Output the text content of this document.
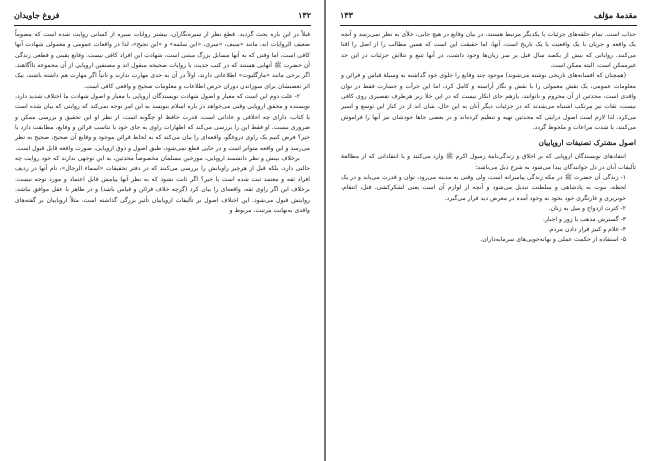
۱۳۲
فروغ جاویدان

قبلاً در این باره بحث گردید. قطع نظر از سیره‌نگاران، بیشتر روایات سیره از کسانی روایت شده است که مصوماً ضعیف الروایات اند، مانند «سیف، «سری، «ابن سلمه» و «ابن نجیح»، لذا در واقعات عمومی و معمولی شهادت آنها کافی است، اما وقتی که به آنها مسایل بزرگ مبتنی است، شهادت این افراد کافی نیست. وقایع یقینی و قطعی زندگی آن حضرت ﷺ آنهایی هستند که در کتب حدیث با روایات صحیحه منقول اند و مصنفین اروپایی از آن مجموعه ناآگاهند. اگر برخی مانند «مارگلیوث» اطلاعاتی دارند، اولاً در آن به حدی مهارت ندارند و ثانیاً اگر مهارت هم داشته باشند، بیک اثر تعصبشان برای سوزاندن دوران حرص اطلاعات و معلومات صحیح و واقعی کافی است.

۲- علت دوم این است که معیار و اصول شهادت نویسندگان اروپایی با معیار و اصول شهادت ما اختلاف شدید دارد، نویسنده و محقق اروپایی وقتی می‌خواهد در باره اسلام بنویسد به این امر توجه نمی‌کند که روایتی که بیان شده است یا کتاب، دارای چه اخلاقی و عاداتی است، قدرت حافظ او چگونه است، از نظر او این تحقیق و بررسی ممکن و ضروری نیست. او فقط این را بررسی می‌کند که اظهارات راوی به جای خود با تناسب قرائن و وقایع، مطابقت دارد یا خیر؟ فرض کنیم یک راوی دروغگو، واقعه‌ای را بیان می‌کند که به لحاظ قرائن موجود و وقایع آن صحیح، صحیح به نظر می‌رسد و این واقعه متواتر است و در جایی قطع نمی‌شود، طبق اصول و ذوق اروپایی، صورت واقعه قابل قبول است.

برخلاف بینش و نظر دانشمند اروپایی، موزخین مسلمان مخصوصاً محدثین، به این توجهی ندارند که خود روایت چه حالتی دارد، بلکه قبل از هرچیز راویانش را بررسی می‌کنند که در دفتر تحقیقات «اسماء الرجال»، نام آنها در ردیف افراد ثقه و معتمد ثبت شده است یا خیر؟ اگر ثابت نشود که به نظر آنها پیامش قابل اعتماد و مورد توجه نیست. برخلاف این اگر راوی ثقه، واقعه‌ای را بیان کرد (گرچه خلاف قرائن و قیاس باشد) و در ظاهر با عقل موافق نباشد، روایتش قبول می‌شود. این اختلاف اصول بر تألیفات اروپاییان تأثیر بزرگی گذاشته است، مثلاً اروپاییان بر گفته‌های واقدی به‌نهایت مرتبت، مربوط و

مقدمهٔ مؤلف
۱۳۳

جذاب است. تمام حلقه‌های جزئیات با یکدیگر مرتبط هستند، در بیان وقایع در هیچ جایی، خلأی به نظر نمی‌رسد و آنچه یک واقعه و جریان با یک واقعیت یا یک تاریخ است، آنها، اما حقیقت این است که همین مطالب را از اصل را اقتا می‌کنند. روایاتی که بیش از یکصد سال قبل بر سر زبان‌ها وجود داشت، در آنها تتبع و تتلاش جزئیات در این حد غیرممکن است، البته ممکن است.

(همچنان که افسانه‌های تاریخی نوشته می‌شوند) موجود چند وقایع را جلوی خود گذاشته به وسیلهٔ قیاس و قرائن و معلومات عمومی، یک نقش معمولی را با نقش و نگار آراسته و کامل کرد، اما این جرأت و جسارت فقط در توان واقدی است، محدثین از آن محروم و ناتوانند. بازهم جای انکار نیست که در این خلا زیر هرطرف تفصیری روی کافی نیست، ثقات نیز مرتکب اشتباه می‌شدند که در جزئیات دیگر آنان به این حال، شان اند از در کنار این توسع و اسیر می‌کرد. لذا لازم است اصول درایتی که محدثین تهیه و تنظیم کرده‌اند و در بعضی جاها خودشان نیز آنها را فراموش می‌کنند، با شدت مراعات و ملحوظ گردد.

اصول مشترک تصنیفات اروپاییان

انتقادهای نویسندگان اروپایی که بر اخلاق و زندگی‌نامهٔ رسول اکرم ﷺ وارد می‌کنند و یا انتقاداتی که از مطالعهٔ تألیفات آنان در دل خوانندگان پیدا می‌شود به شرح ذیل می‌باشد:

۱- زندگی آن حضرت ﷺ در مکه زندگی پیامبرانه است، ولی وقتی به مدینه می‌رود، توان و قدرت می‌یابد و در یک لحظه، نبوت به پادشاهی و سلطنت تبدیل می‌شود و آنچه از لوازم آن است یعنی لشکرکشی، قتل، انتقام، خونریزی و غارتگری خود بخود به وجود آمده در معرض دید قرار می‌گیرد.

۲- کثرت ازدواج و میل به زنان.

۳- گسترش مذهب با زور و اجبار.

۴- غلام و کنیز قرار دادن مردم.

۵- استفاده از حکمت عملی و بهانه‌جویی‌های سرمایه‌داران.
